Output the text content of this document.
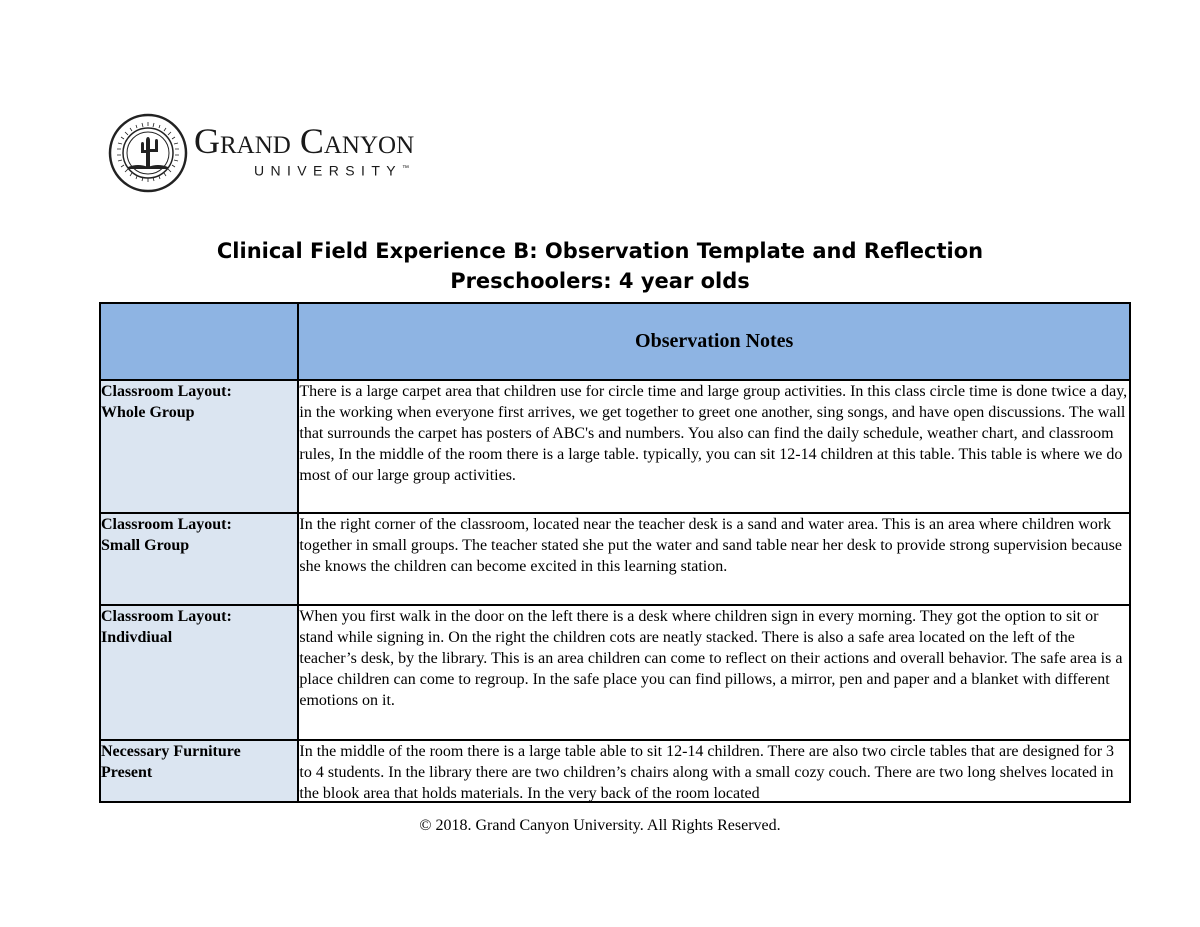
Grand Canyon
UNIVERSITY™
Clinical Field Experience B: Observation Template and Reflection
Preschoolers: 4 year olds
	Observation Notes

Classroom Layout:
Whole Group	There is a large carpet area that children use for circle time and large group activities. In this class circle time is done twice a day, in the working when everyone first arrives, we get together to greet one another, sing songs, and have open discussions. The wall that surrounds the carpet has posters of ABC's and numbers. You also can find the daily schedule, weather chart, and classroom rules, In the middle of the room there is a large table. typically, you can sit 12-14 children at this table. This table is where we do most of our large group activities.

Classroom Layout:
Small Group	In the right corner of the classroom, located near the teacher desk is a sand and water area. This is an area where children work together in small groups. The teacher stated she put the water and sand table near her desk to provide strong supervision because she knows the children can become excited in this learning station.

Classroom Layout:
Indivdiual	When you first walk in the door on the left there is a desk where children sign in every morning. They got the option to sit or stand while signing in. On the right the children cots are neatly stacked. There is also a safe area located on the left of the teacher’s desk, by the library. This is an area children can come to reflect on their actions and overall behavior. The safe area is a place children can come to regroup. In the safe place you can find pillows, a mirror, pen and paper and a blanket with different emotions on it.

Necessary Furniture
Present	In the middle of the room there is a large table able to sit 12-14 children. There are also two circle tables that are designed for 3 to 4 students. In the library there are two children’s chairs along with a small cozy couch. There are two long shelves located in the blook area that holds materials. In the very back of the room located
© 2018. Grand Canyon University. All Rights Reserved.
